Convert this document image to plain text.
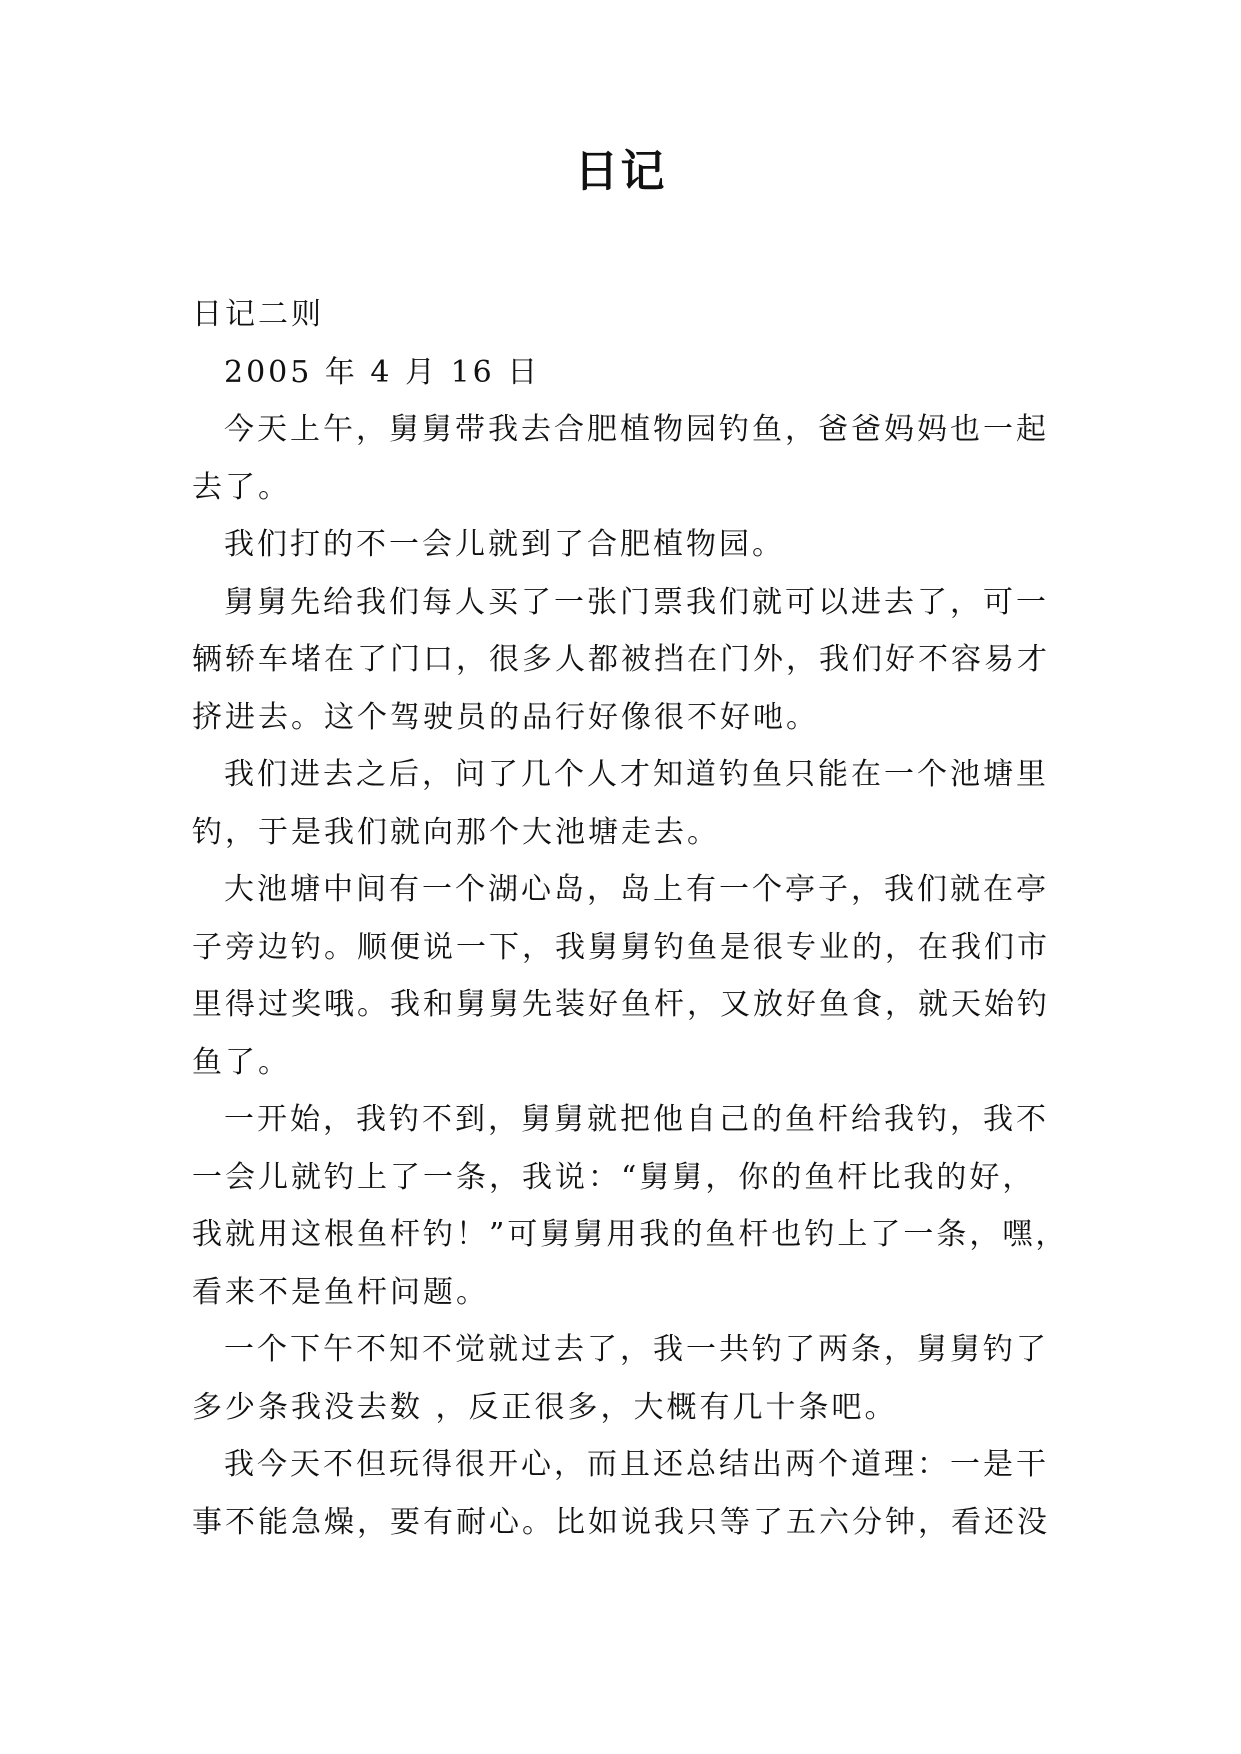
日记
日记二则
2005 年 4 月 16 日
今天上午，舅舅带我去合肥植物园钓鱼，爸爸妈妈也一起
去了。
我们打的不一会儿就到了合肥植物园。
舅舅先给我们每人买了一张门票我们就可以进去了，可一
辆轿车堵在了门口，很多人都被挡在门外，我们好不容易才
挤进去。这个驾驶员的品行好像很不好吔。
我们进去之后，问了几个人才知道钓鱼只能在一个池塘里
钓，于是我们就向那个大池塘走去。
大池塘中间有一个湖心岛，岛上有一个亭子，我们就在亭
子旁边钓。顺便说一下，我舅舅钓鱼是很专业的，在我们市
里得过奖哦。我和舅舅先装好鱼杆，又放好鱼食，就天始钓
鱼了。
一开始，我钓不到，舅舅就把他自己的鱼杆给我钓，我不
一会儿就钓上了一条，我说：“舅舅，你的鱼杆比我的好，
我就用这根鱼杆钓！”可舅舅用我的鱼杆也钓上了一条，嘿，
看来不是鱼杆问题。
一个下午不知不觉就过去了，我一共钓了两条，舅舅钓了
多少条我没去数 ，反正很多，大概有几十条吧。
我今天不但玩得很开心，而且还总结出两个道理：一是干
事不能急燥，要有耐心。比如说我只等了五六分钟，看还没
